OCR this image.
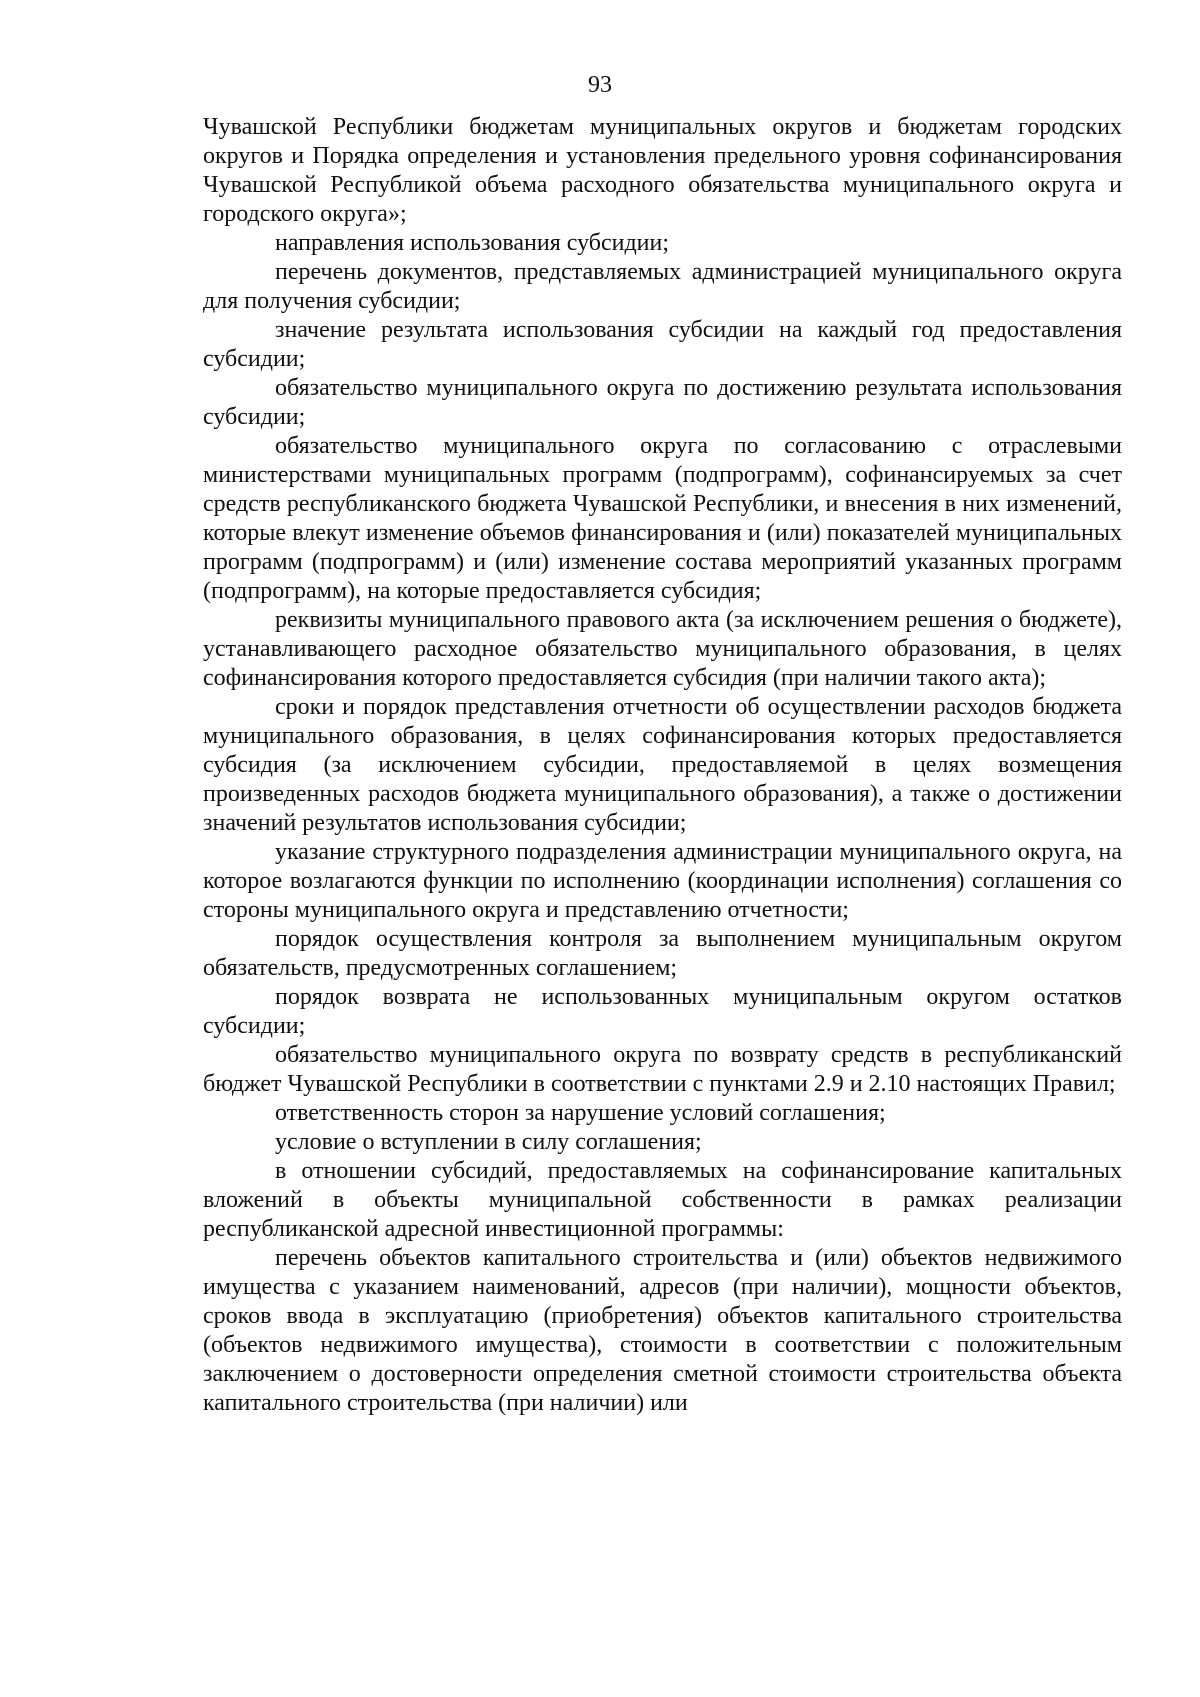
93

Чувашской Республики бюджетам муниципальных округов и бюджетам городских округов и Порядка определения и установления предельного уровня софинансирования Чувашской Республикой объема расходного обязательства муниципального округа и городского округа»;

направления использования субсидии;

перечень документов, представляемых администрацией муниципального округа для получения субсидии;

значение результата использования субсидии на каждый год предоставления субсидии;

обязательство муниципального округа по достижению результата использования субсидии;

обязательство муниципального округа по согласованию с отраслевыми министерствами муниципальных программ (подпрограмм), софинансируемых за счет средств республиканского бюджета Чувашской Республики, и внесения в них изменений, которые влекут изменение объемов финансирования и (или) показателей муниципальных программ (подпрограмм) и (или) изменение состава мероприятий указанных программ (подпрограмм), на которые предоставляется субсидия;

реквизиты муниципального правового акта (за исключением решения о бюджете), устанавливающего расходное обязательство муниципального образования, в целях софинансирования которого предоставляется субсидия (при наличии такого акта);

сроки и порядок представления отчетности об осуществлении расходов бюджета муниципального образования, в целях софинансирования которых предоставляется субсидия (за исключением субсидии, предоставляемой в целях возмещения произведенных расходов бюджета муниципального образования), а также о достижении значений результатов использования субсидии;

указание структурного подразделения администрации муниципального округа, на которое возлагаются функции по исполнению (координации исполнения) соглашения со стороны муниципального округа и представлению отчетности;

порядок осуществления контроля за выполнением муниципальным округом обязательств, предусмотренных соглашением;

порядок возврата не использованных муниципальным округом остатков субсидии;

обязательство муниципального округа по возврату средств в республиканский бюджет Чувашской Республики в соответствии с пунктами 2.9 и 2.10 настоящих Правил;

ответственность сторон за нарушение условий соглашения;

условие о вступлении в силу соглашения;

в отношении субсидий, предоставляемых на софинансирование капитальных вложений в объекты муниципальной собственности в рамках реализации республиканской адресной инвестиционной программы:

перечень объектов капитального строительства и (или) объектов недвижимого имущества с указанием наименований, адресов (при наличии), мощности объектов, сроков ввода в эксплуатацию (приобретения) объектов капитального строительства (объектов недвижимого имущества), стоимости в соответствии с положительным заключением о достоверности определения сметной стоимости строительства объекта капитального строительства (при наличии) или
